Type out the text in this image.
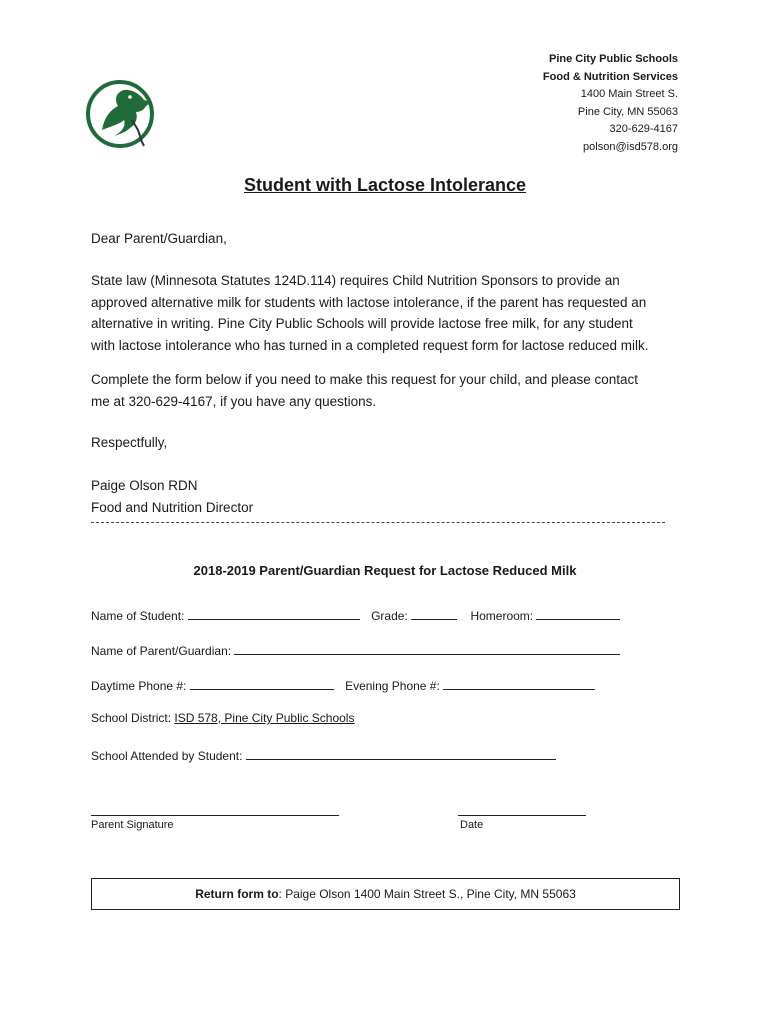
Pine City Public Schools
Food & Nutrition Services
1400 Main Street S.
Pine City, MN 55063
320-629-4167
polson@isd578.org
Student with Lactose Intolerance
Dear Parent/Guardian,
State law (Minnesota Statutes 124D.114) requires Child Nutrition Sponsors to provide an
approved alternative milk for students with lactose intolerance, if the parent has requested an
alternative in writing. Pine City Public Schools will provide lactose free milk, for any student
with lactose intolerance who has turned in a completed request form for lactose reduced milk.
Complete the form below if you need to make this request for your child, and please contact
me at 320-629-4167, if you have any questions.
Respectfully,
Paige Olson RDN
Food and Nutrition Director
2018-2019 Parent/Guardian Request for Lactose Reduced Milk
Name of Student:	Grade:	Homeroom:
Name of Parent/Guardian:
Daytime Phone #:	Evening Phone #:
School District: ISD 578, Pine City Public Schools
School Attended by Student:
Parent Signature	Date
Return form to: Paige Olson 1400 Main Street S., Pine City, MN 55063
